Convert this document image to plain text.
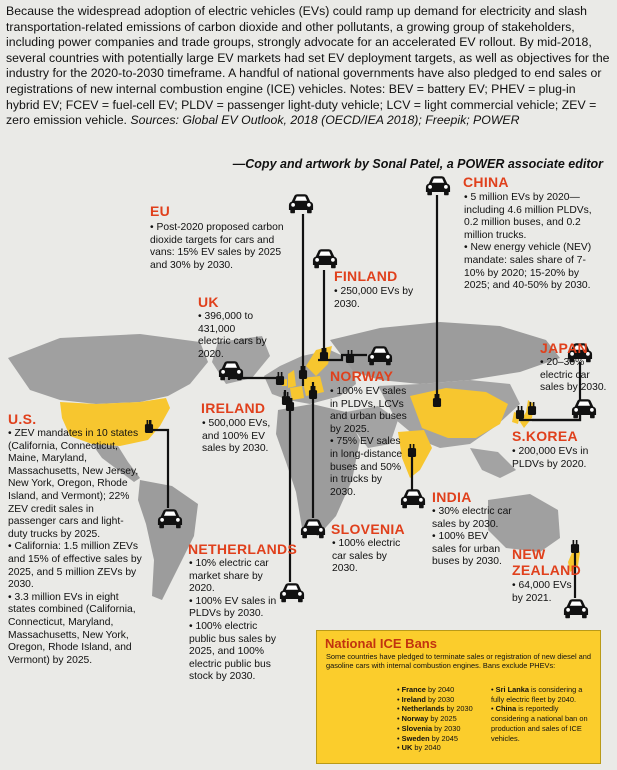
Because the widespread adoption of electric vehicles (EVs) could ramp up demand for electricity and slash transportation-related emissions of carbon dioxide and other pollutants, a growing group of stakeholders, including power companies and trade groups, strongly advocate for an accelerated EV rollout. By mid-2018, several countries with potentially large EV markets had set EV deployment targets, as well as objectives for the industry for the 2020-to-2030 timeframe. A handful of national governments have also pledged to end sales or registrations of new internal combustion engine (ICE) vehicles. Notes: BEV = battery EV; PHEV = plug-in hybrid EV; FCEV = fuel-cell EV; PLDV = passenger light-duty vehicle; LCV = light commercial vehicle; ZEV = zero emission vehicle. Sources: Global EV Outlook, 2018 (OECD/IEA 2018); Freepik; POWER

—Copy and artwork by Sonal Patel, a POWER associate editor
CHINA
• 5 million EVs by 2020—including 4.6 million PLDVs, 0.2 million buses, and 0.2 million trucks.
• New energy vehicle (NEV) mandate: sales share of 7-10% by 2020; 15-20% by 2025; and 40-50% by 2030.
EU
• Post-2020 proposed carbon dioxide targets for cars and vans: 15% EV sales by 2025 and 30% by 2030.
FINLAND
• 250,000 EVs by 2030.
UK
• 396,000 to 431,000 electric cars by 2020.	JAPAN
• 20–30% electric car sales by 2030.
NORWAY
• 100% EV sales in PLDVs, LCVs and urban buses by 2025.
• 75% EV sales in long-distance buses and 50% in trucks by 2030.
IRELAND
• 500,000 EVs, and 100% EV sales by 2030.
U.S.
• ZEV mandates in 10 states (California, Connecticut, Maine, Maryland, Massachusetts, New Jersey, New York, Oregon, Rhode Island, and Vermont); 22% ZEV credit sales in passenger cars and light-duty trucks by 2025.
• California: 1.5 million ZEVs and 15% of effective sales by 2025, and 5 million ZEVs by 2030.
• 3.3 million EVs in eight states combined (California, Connecticut, Maryland, Massachusetts, New York, Oregon, Rhode Island, and Vermont) by 2025.
S.KOREA
• 200,000 EVs in PLDVs by 2020.
INDIA
• 30% electric car sales by 2030.
• 100% BEV sales for urban buses by 2030.
SLOVENIA
• 100% electric car sales by 2030.
NETHERLANDS
• 10% electric car market share by 2020.
• 100% EV sales in PLDVs by 2030.
• 100% electric public bus sales by 2025, and 100% electric public bus stock by 2030.
NEW
ZEALAND
• 64,000 EVs by 2021.
National ICE Bans
Some countries have pledged to terminate sales or registration of new diesel and gasoline cars with internal combustion engines. Bans exclude PHEVs:
• France by 2040
• Ireland by 2030
• Netherlands by 2030
• Norway by 2025
• Slovenia by 2030
• Sweden by 2045
• UK by 2040
• Sri Lanka is considering a fully electric fleet by 2040.
• China is reportedly considering a national ban on production and sales of ICE vehicles.
